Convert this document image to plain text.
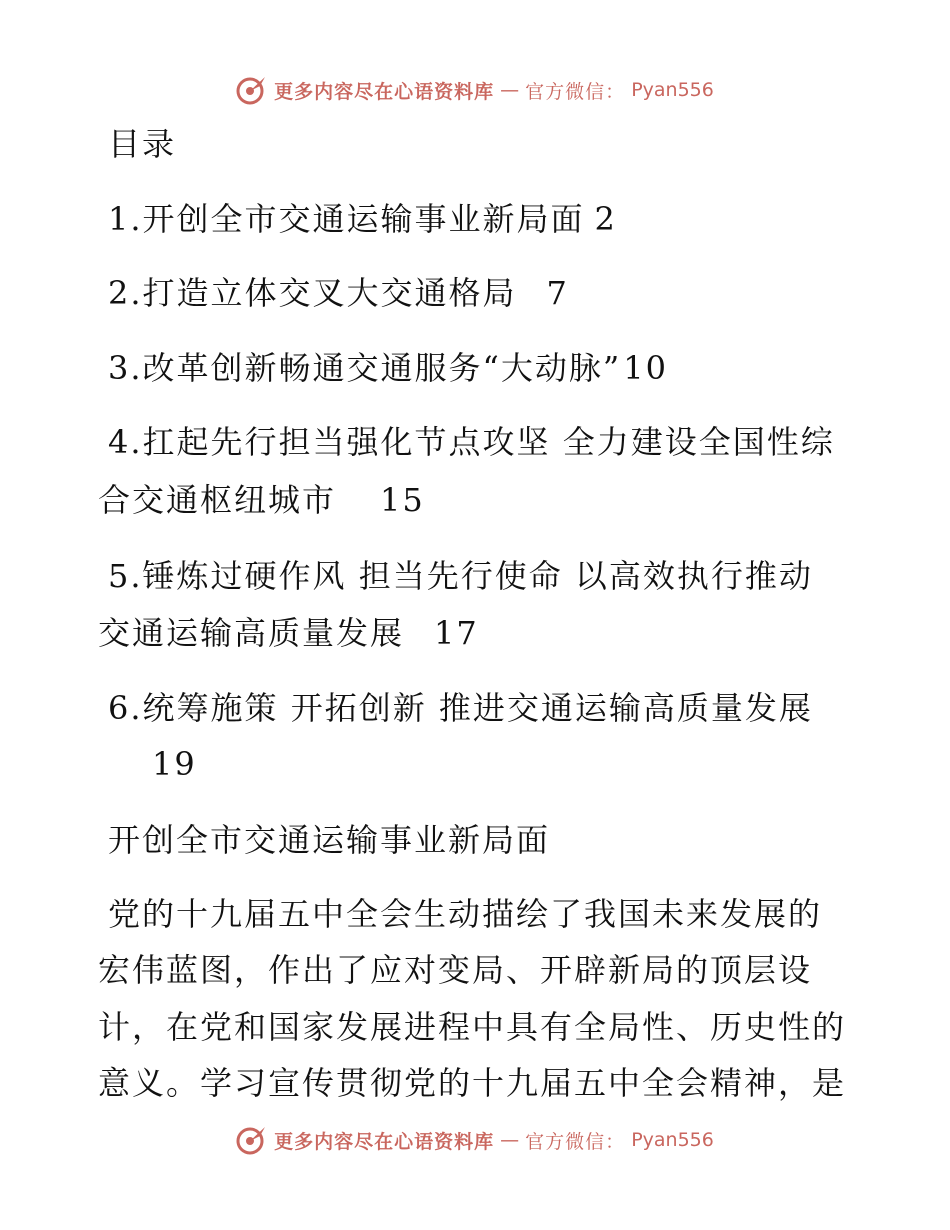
更多内容尽在心语资料库 — 官方微信： Pyan556
目录
1.开创全市交通运输事业新局面 2
2.打造立体交叉大交通格局 7
3.改革创新畅通交通服务“大动脉”10
4.扛起先行担当强化节点攻坚 全力建设全国性综
合交通枢纽城市 15
5.锤炼过硬作风 担当先行使命 以高效执行推动
交通运输高质量发展 17
6.统筹施策 开拓创新 推进交通运输高质量发展
19
开创全市交通运输事业新局面
党的十九届五中全会生动描绘了我国未来发展的
宏伟蓝图，作出了应对变局、开辟新局的顶层设
计，在党和国家发展进程中具有全局性、历史性的
意义。学习宣传贯彻党的十九届五中全会精神，是
更多内容尽在心语资料库 — 官方微信： Pyan556
